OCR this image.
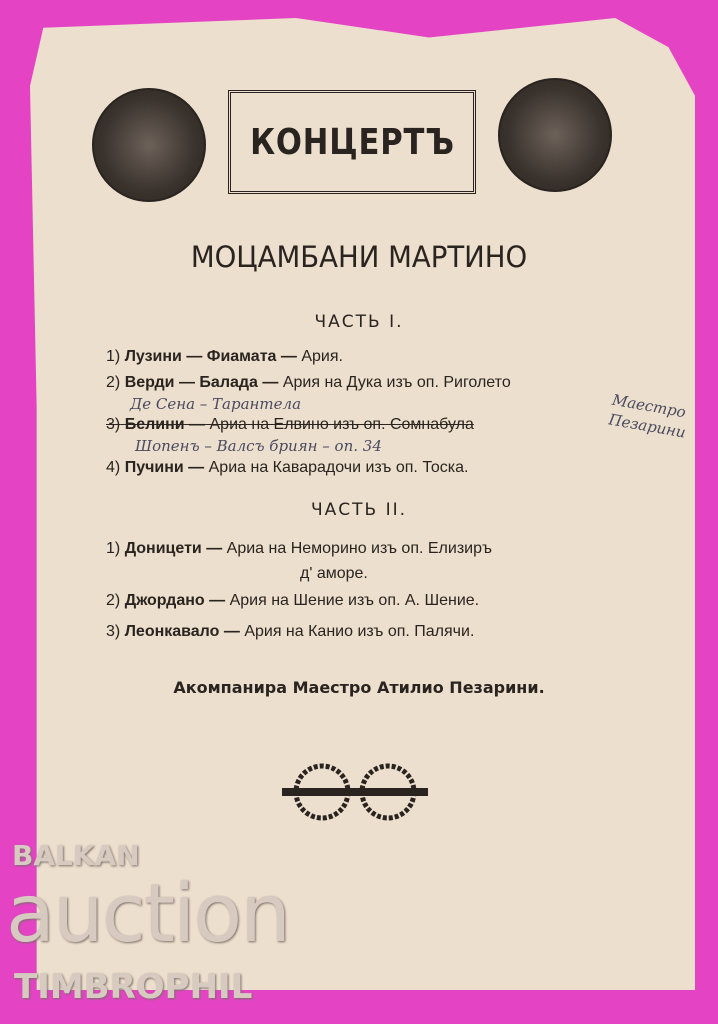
КОНЦЕРТЪ
МОЦАМБАНИ МАРТИНО
ЧАСТЬ I.
1) Лузини — Фиамата — Ария.
2) Верди — Балада — Ария на Дука изъ оп. Риголето
Де Сена – Тарантела
3) Белини — Ариа на Елвино изъ оп. Сомнабула
Шопенъ – Валсъ бриян – оп. 34
4) Пучини — Ариа на Каварадочи изъ оп. Тоска.
Маестро Пезарини
ЧАСТЬ II.
1) Доницети — Ариа на Неморино изъ оп. Елизиръ
д' аморе.
2) Джордано — Ария на Шение изъ оп. А. Шение.
3) Леонкавало — Ария на Канио изъ оп. Палячи.
Акомпанира Маестро Атилио Пезарини.
BALKAN
auction
TIMBROPHIL
